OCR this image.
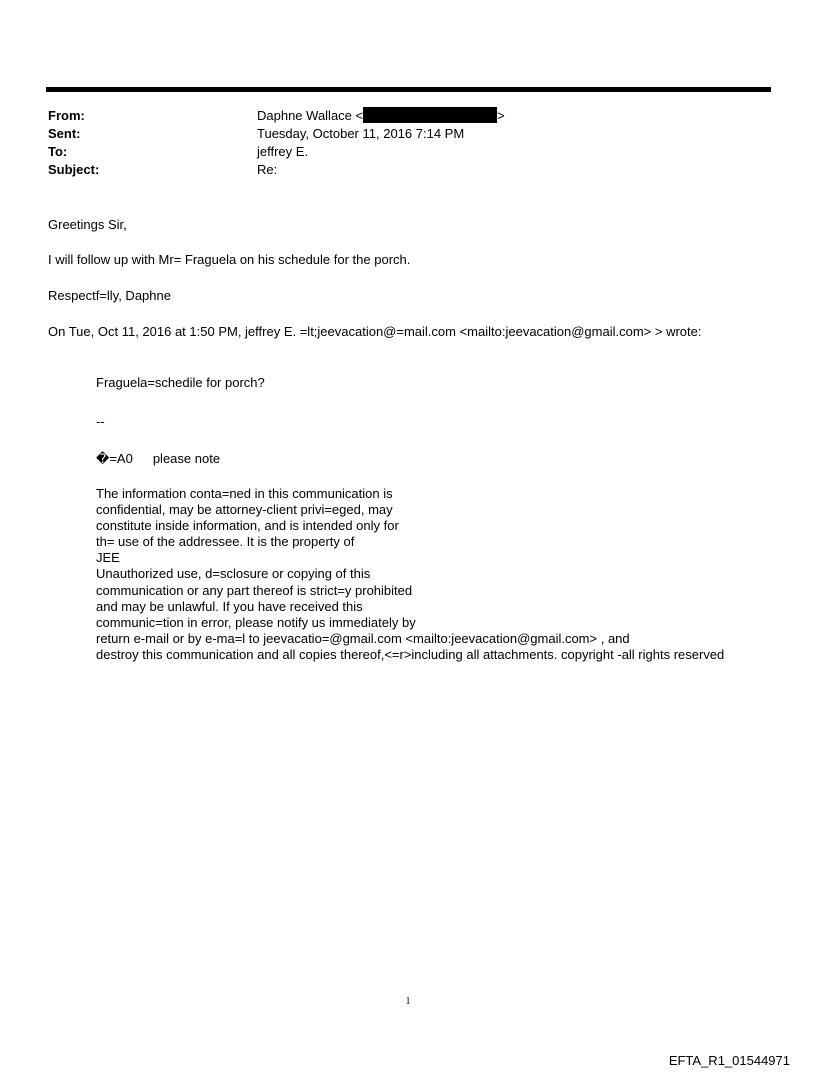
From:	Daphne Wallace <	>
Sent:	Tuesday, October 11, 2016 7:14 PM
To:	jeffrey E.
Subject:	Re:
Greetings Sir,
I will follow up with Mr= Fraguela on his schedule for the porch.
Respectf=lly, Daphne
On Tue, Oct 11, 2016 at 1:50 PM, jeffrey E. =lt;jeevacation@=mail.com <mailto:jeevacation@gmail.com> > wrote:
Fraguela=schedile for porch?
--
�=A0 please note
The information conta=ned in this communication is
confidential, may be attorney-client privi=eged, may
constitute inside information, and is intended only for
th= use of the addressee. It is the property of
JEE
Unauthorized use, d=sclosure or copying of this
communication or any part thereof is strict=y prohibited
and may be unlawful. If you have received this
communic=tion in error, please notify us immediately by
return e-mail or by e-ma=l to jeevacatio=@gmail.com <mailto:jeevacation@gmail.com> , and
destroy this communication and all copies thereof,<=r>including all attachments. copyright -all rights reserved
1
EFTA_R1_01544971
